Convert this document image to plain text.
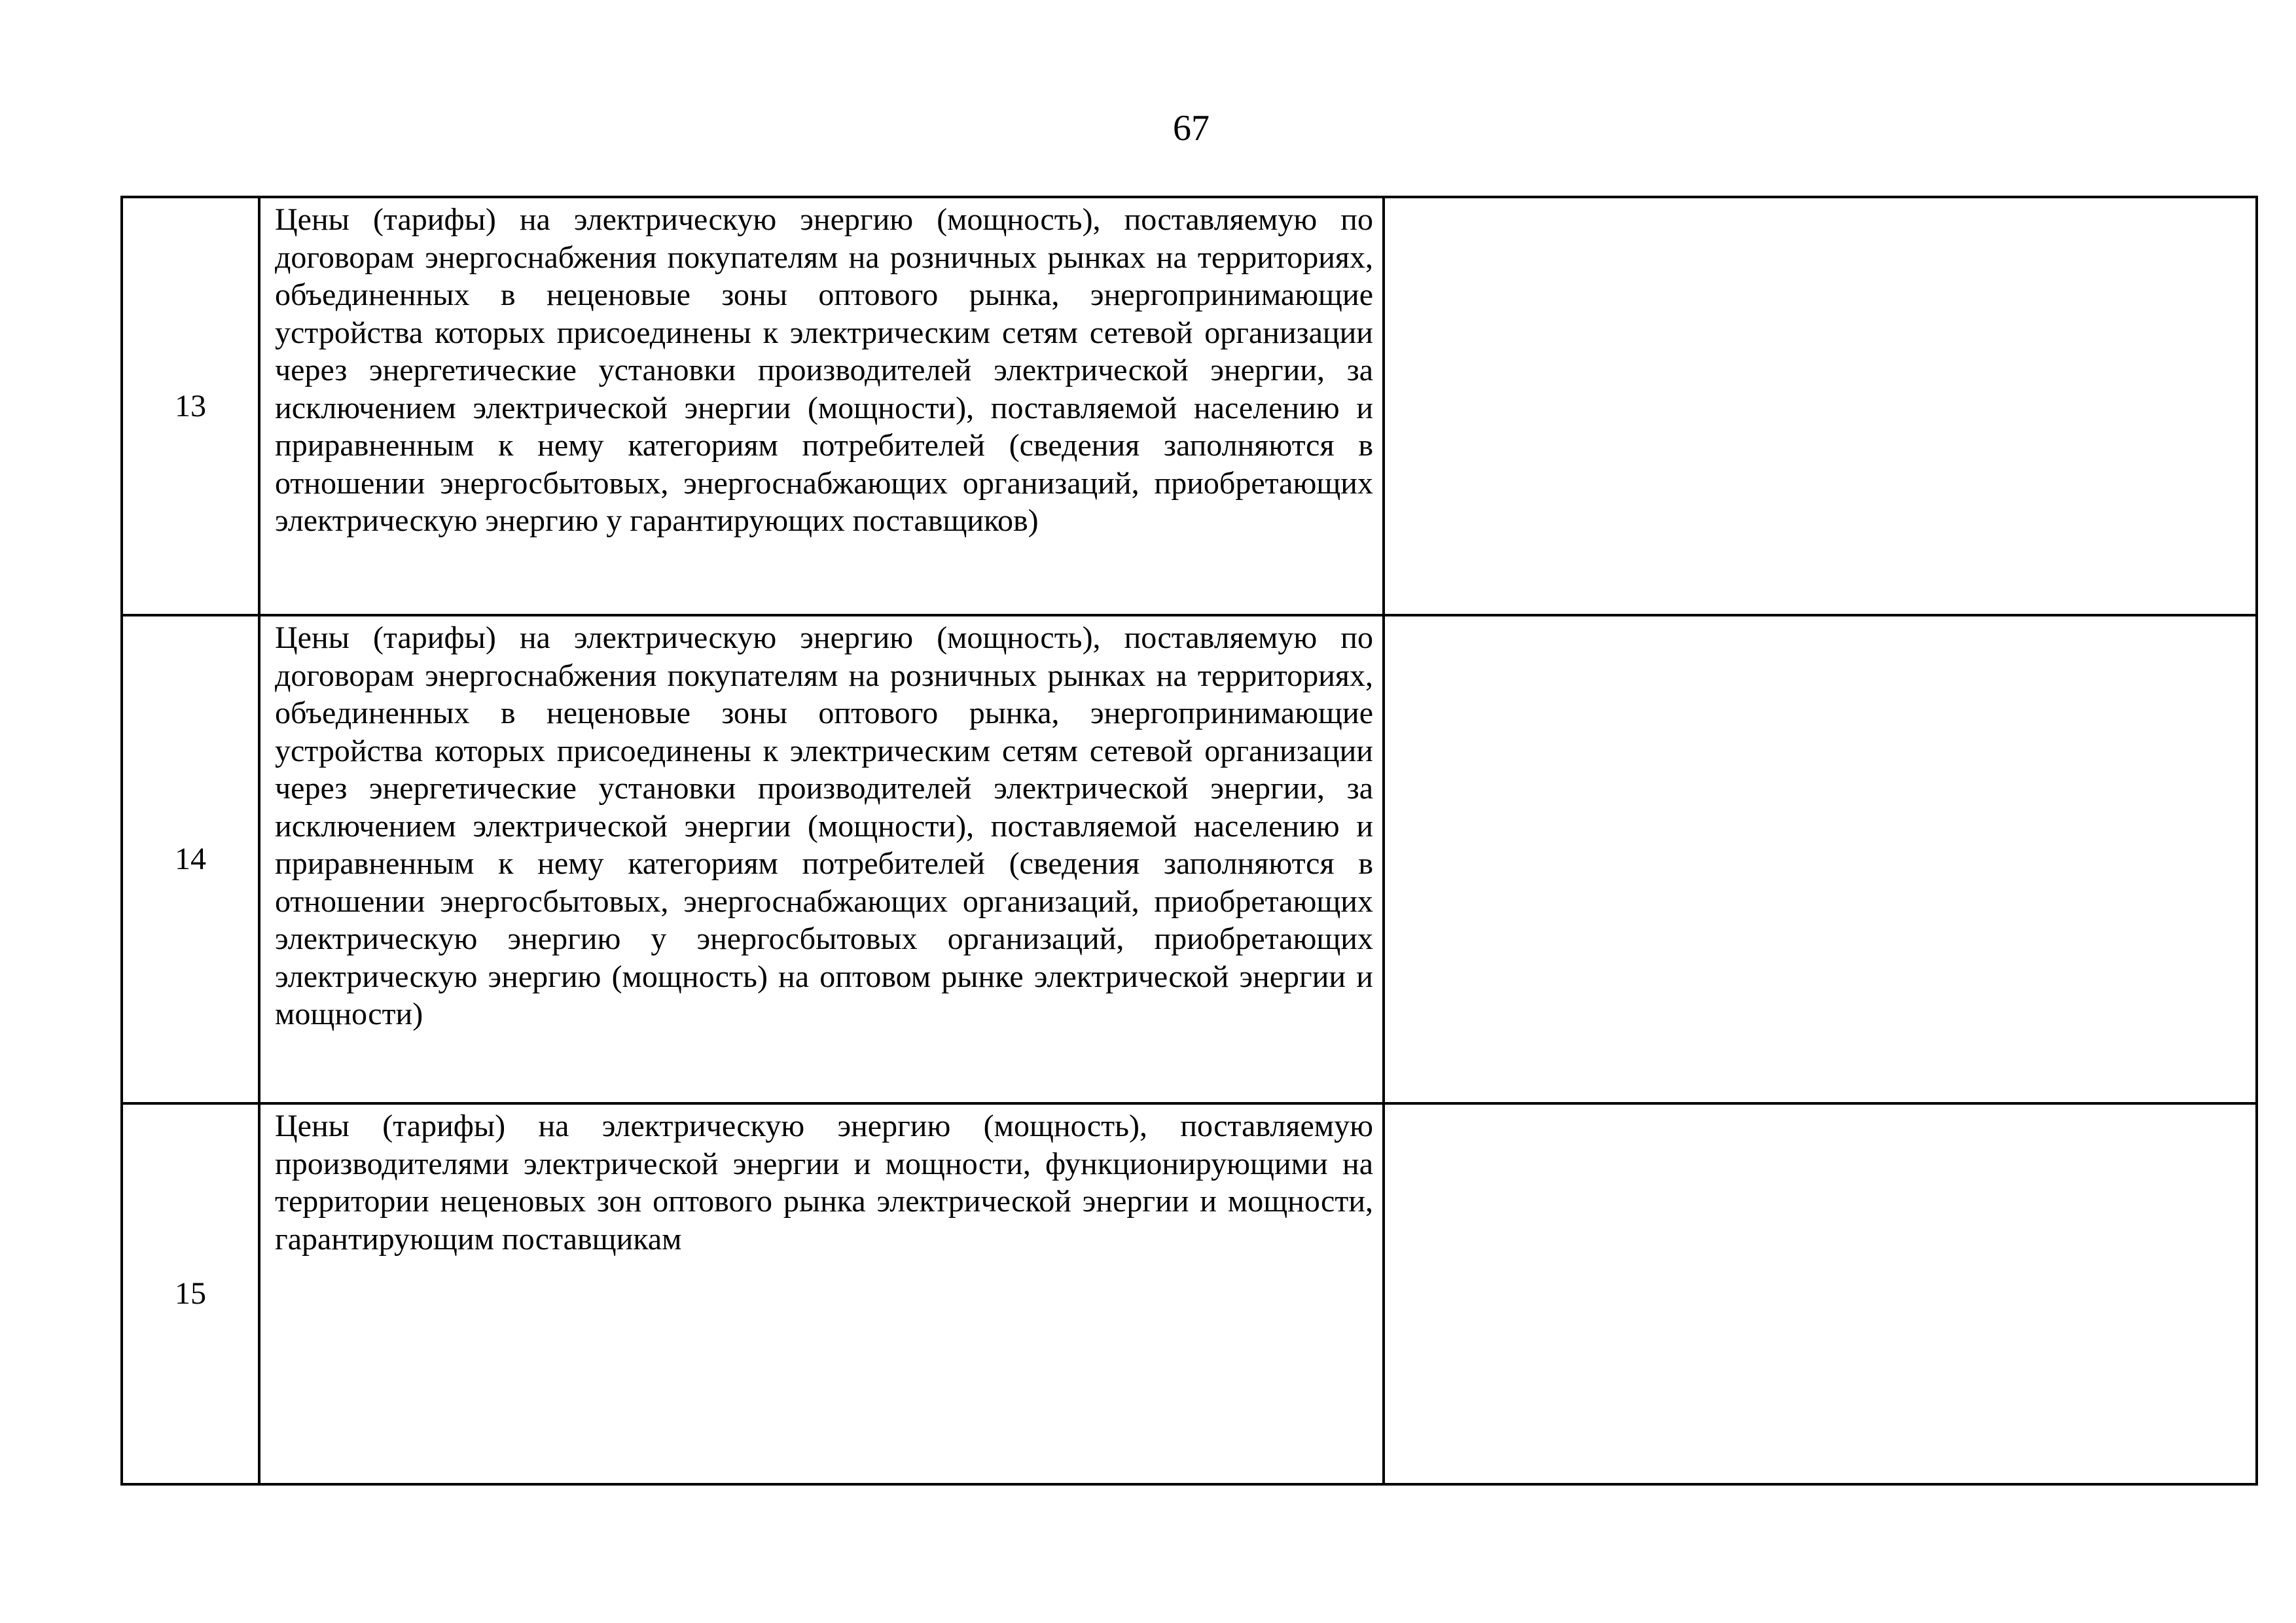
67
13	Цены (тарифы) на электрическую энергию (мощность), поставляемую по договорам энергоснабжения покупателям на розничных рынках на территориях, объединенных в неценовые зоны оптового рынка, энергопринимающие устройства которых присоединены к электрическим сетям сетевой организации через энергетические установки производителей электрической энергии, за исключением электрической энергии (мощности), поставляемой населению и приравненным к нему категориям потребителей (сведения заполняются в отношении энергосбытовых, энергоснабжающих организаций, приобретающих электрическую энергию у гарантирующих поставщиков)	
14	Цены (тарифы) на электрическую энергию (мощность), поставляемую по договорам энергоснабжения покупателям на розничных рынках на территориях, объединенных в неценовые зоны оптового рынка, энергопринимающие устройства которых присоединены к электрическим сетям сетевой организации через энергетические установки производителей электрической энергии, за исключением электрической энергии (мощности), поставляемой населению и приравненным к нему категориям потребителей (сведения заполняются в отношении энергосбытовых, энергоснабжающих организаций, приобретающих электрическую энергию у энергосбытовых организаций, приобретающих электрическую энергию (мощность) на оптовом рынке электрической энергии и мощности)	
15	Цены (тарифы) на электрическую энергию (мощность), поставляемую производителями электрической энергии и мощности, функционирующими на территории неценовых зон оптового рынка электрической энергии и мощности, гарантирующим поставщикам	
